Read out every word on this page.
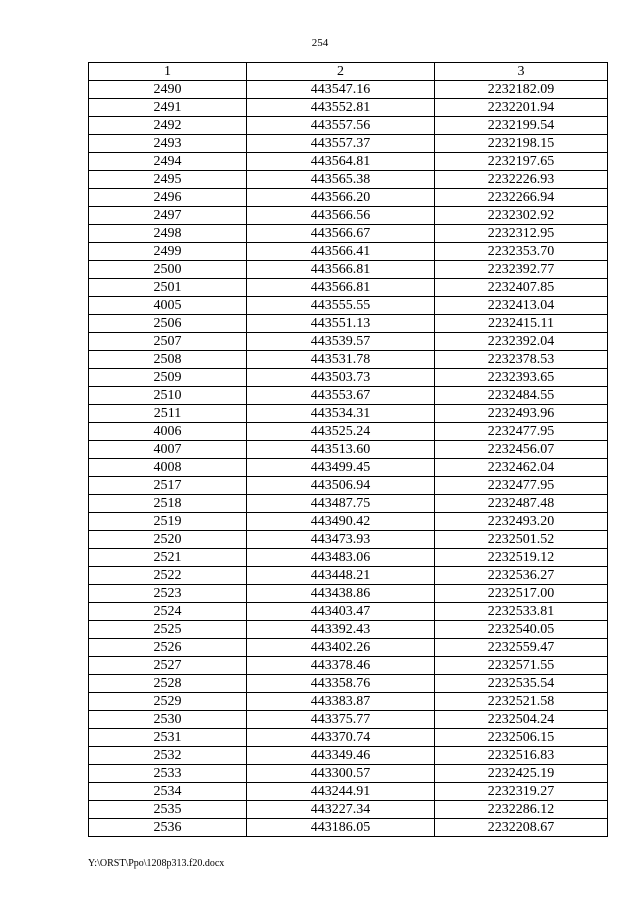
254
1	2	3
2490	443547.16	2232182.09
2491	443552.81	2232201.94
2492	443557.56	2232199.54
2493	443557.37	2232198.15
2494	443564.81	2232197.65
2495	443565.38	2232226.93
2496	443566.20	2232266.94
2497	443566.56	2232302.92
2498	443566.67	2232312.95
2499	443566.41	2232353.70
2500	443566.81	2232392.77
2501	443566.81	2232407.85
4005	443555.55	2232413.04
2506	443551.13	2232415.11
2507	443539.57	2232392.04
2508	443531.78	2232378.53
2509	443503.73	2232393.65
2510	443553.67	2232484.55
2511	443534.31	2232493.96
4006	443525.24	2232477.95
4007	443513.60	2232456.07
4008	443499.45	2232462.04
2517	443506.94	2232477.95
2518	443487.75	2232487.48
2519	443490.42	2232493.20
2520	443473.93	2232501.52
2521	443483.06	2232519.12
2522	443448.21	2232536.27
2523	443438.86	2232517.00
2524	443403.47	2232533.81
2525	443392.43	2232540.05
2526	443402.26	2232559.47
2527	443378.46	2232571.55
2528	443358.76	2232535.54
2529	443383.87	2232521.58
2530	443375.77	2232504.24
2531	443370.74	2232506.15
2532	443349.46	2232516.83
2533	443300.57	2232425.19
2534	443244.91	2232319.27
2535	443227.34	2232286.12
2536	443186.05	2232208.67
Y:\ORST\Ppo\1208p313.f20.docx
